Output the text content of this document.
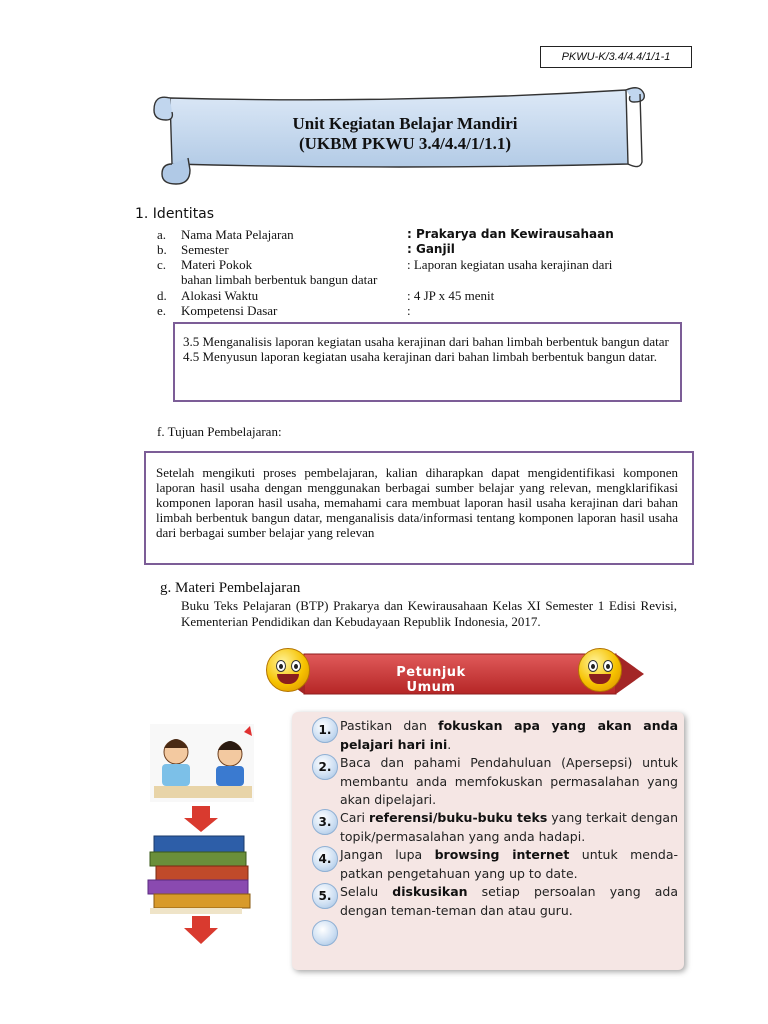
PKWU-K/3.4/4.4/1/1-1
Unit Kegiatan Belajar Mandiri
(UKBM PKWU 3.4/4.4/1/1.1)
1. Identitas
a. Nama Mata Pelajaran	: Prakarya dan Kewirausahaan
b. Semester	: Ganjil
c. Materi Pokok	: Laporan kegiatan usaha kerajinan dari
bahan limbah berbentuk bangun datar
d. Alokasi Waktu	: 4 JP x 45 menit
e. Kompetensi Dasar	:
3.5 Menganalisis laporan kegiatan usaha kerajinan dari bahan limbah berbentuk bangun datar
4.5 Menyusun laporan kegiatan usaha kerajinan dari bahan limbah berbentuk bangun datar.
f. Tujuan Pembelajaran:
Setelah mengikuti proses pembelajaran, kalian diharapkan dapat mengidentifikasi komponen laporan hasil usaha dengan menggunakan berbagai sumber belajar yang relevan, mengklarifikasi komponen laporan hasil usaha, memahami cara membuat laporan hasil usaha kerajinan dari bahan limbah berbentuk bangun datar, menganalisis data/informasi tentang komponen laporan hasil usaha dari berbagai sumber belajar yang relevan
g. Materi Pembelajaran
Buku Teks Pelajaran (BTP) Prakarya dan Kewirausahaan Kelas XI Semester 1 Edisi Revisi, Kementerian Pendidikan dan Kebudayaan Republik Indonesia, 2017.
Petunjuk Umum
1. Pastikan dan fokuskan apa yang akan anda pelajari hari ini.
2. Baca dan pahami Pendahuluan (Apersepsi) untuk membantu anda memfokuskan permasalahan yang akan dipelajari.
3. Cari referensi/buku-buku teks yang terkait dengan topik/permasalahan yang anda hadapi.
4. Jangan lupa browsing internet untuk menda-patkan pengetahuan yang up to date.
5. Selalu diskusikan setiap persoalan yang ada dengan teman-teman dan atau guru.
